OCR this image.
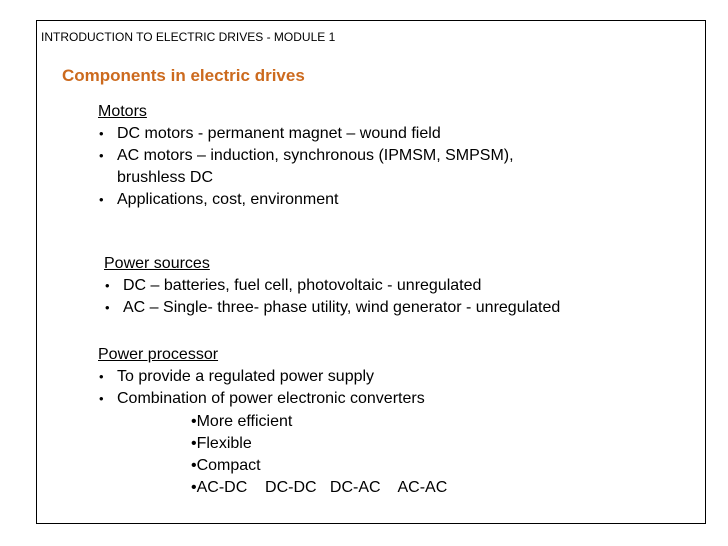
INTRODUCTION TO ELECTRIC DRIVES - MODULE 1
Components in electric drives
Motors
• DC motors - permanent magnet – wound field
• AC motors – induction, synchronous (IPMSM, SMPSM),
brushless DC
• Applications, cost, environment
Power sources
• DC – batteries, fuel cell, photovoltaic - unregulated
• AC – Single- three- phase utility, wind generator - unregulated
Power processor
• To provide a regulated power supply
• Combination of power electronic converters
•More efficient
•Flexible
•Compact
•AC-DC    DC-DC   DC-AC    AC-AC
